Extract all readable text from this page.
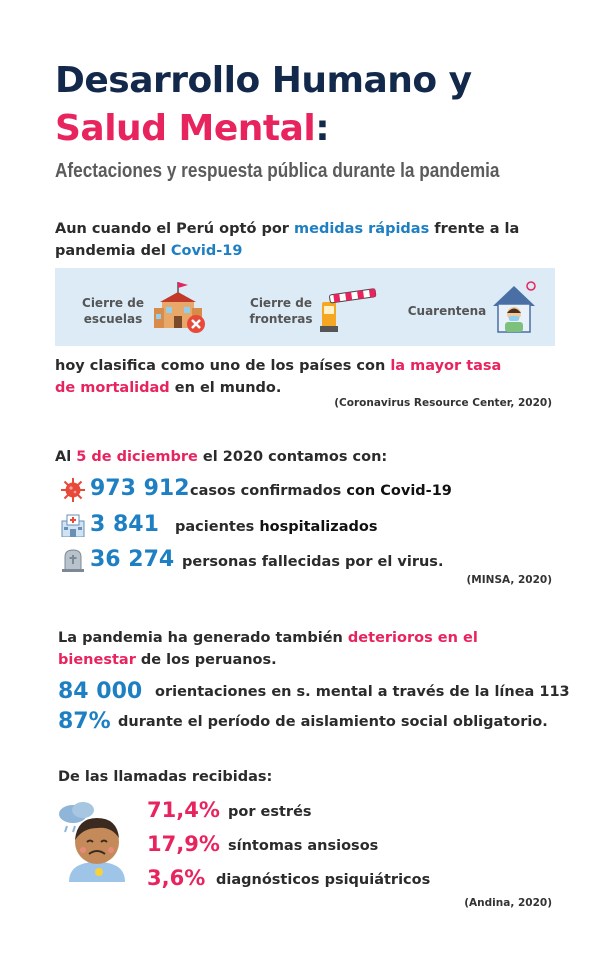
Desarrollo Humano y
Salud Mental:
Afectaciones y respuesta pública durante la pandemia
Aun cuando el Perú optó por medidas rápidas frente a la pandemia del Covid-19
Cierre de
escuelas
Cierre de
fronteras
Cuarentena
hoy clasifica como uno de los países con la mayor tasa de mortalidad en el mundo.
(Coronavirus Resource Center, 2020)
Al 5 de diciembre el 2020 contamos con:
973 912 casos confirmados con Covid-19
3 841 pacientes hospitalizados
36 274 personas fallecidas por el virus.
(MINSA, 2020)
La pandemia ha generado también deterioros en el bienestar de los peruanos.
84 000 orientaciones en s. mental a través de la línea 113
87% durante el período de aislamiento social obligatorio.
De las llamadas recibidas:
71,4% por estrés
17,9% síntomas ansiosos
3,6% diagnósticos psiquiátricos
(Andina, 2020)
